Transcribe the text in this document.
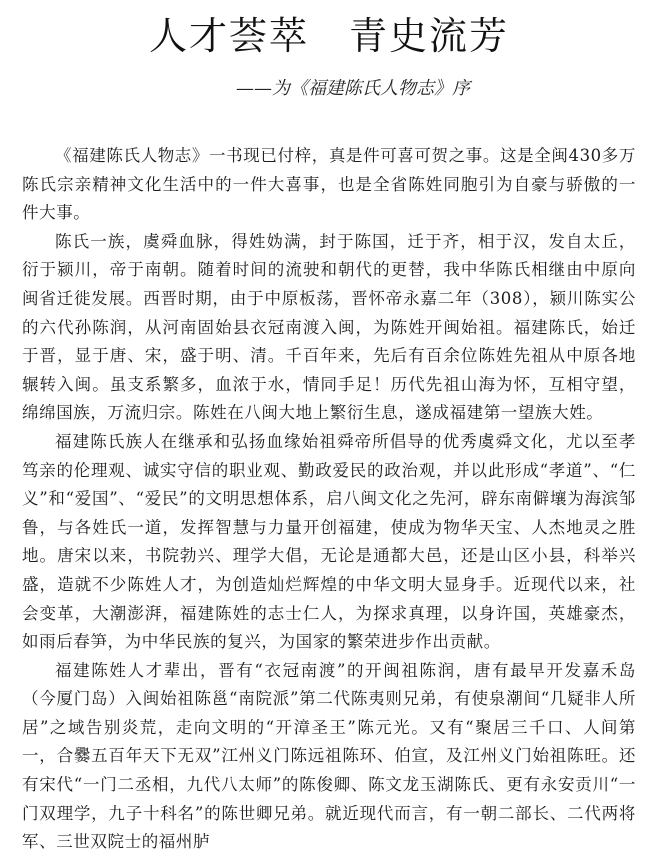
人才荟萃　青史流芳
——为《福建陈氏人物志》序

《福建陈氏人物志》一书现已付梓，真是件可喜可贺之事。这是全闽430多万陈氏宗亲精神文化生活中的一件大喜事，也是全省陈姓同胞引为自豪与骄傲的一件大事。

陈氏一族，虞舜血脉，得姓妫满，封于陈国，迁于齐，相于汉，发自太丘，衍于颍川，帝于南朝。随着时间的流驶和朝代的更替，我中华陈氏相继由中原向闽省迁徙发展。西晋时期，由于中原板荡，晋怀帝永嘉二年（308），颍川陈实公的六代孙陈润，从河南固始县衣冠南渡入闽，为陈姓开闽始祖。福建陈氏，始迁于晋，显于唐、宋，盛于明、清。千百年来，先后有百余位陈姓先祖从中原各地辗转入闽。虽支系繁多，血浓于水，情同手足！历代先祖山海为怀，互相守望，绵绵国族，万流归宗。陈姓在八闽大地上繁衍生息，遂成福建第一望族大姓。

福建陈氏族人在继承和弘扬血缘始祖舜帝所倡导的优秀虞舜文化，尤以至孝笃亲的伦理观、诚实守信的职业观、勤政爱民的政治观，并以此形成“孝道”、“仁义”和“爱国”、“爱民”的文明思想体系，启八闽文化之先河，辟东南僻壤为海滨邹鲁，与各姓氏一道，发挥智慧与力量开创福建，使成为物华天宝、人杰地灵之胜地。唐宋以来，书院勃兴、理学大倡，无论是通都大邑，还是山区小县，科举兴盛，造就不少陈姓人才，为创造灿烂辉煌的中华文明大显身手。近现代以来，社会变革，大潮澎湃，福建陈姓的志士仁人，为探求真理，以身许国，英雄豪杰，如雨后春笋，为中华民族的复兴，为国家的繁荣进步作出贡献。

福建陈姓人才辈出，晋有“衣冠南渡”的开闽祖陈润，唐有最早开发嘉禾岛（今厦门岛）入闽始祖陈邕“南院派”第二代陈夷则兄弟，有使泉潮间“几疑非人所居”之域告别炎荒，走向文明的“开漳圣王”陈元光。又有“聚居三千口、人间第一，合爨五百年天下无双”江州义门陈远祖陈环、伯宣，及江州义门始祖陈旺。还有宋代“一门二丞相，九代八太师”的陈俊卿、陈文龙玉湖陈氏、更有永安贡川“一门双理学，九子十科名”的陈世卿兄弟。就近现代而言，有一朝二部长、二代两将军、三世双院士的福州胪
